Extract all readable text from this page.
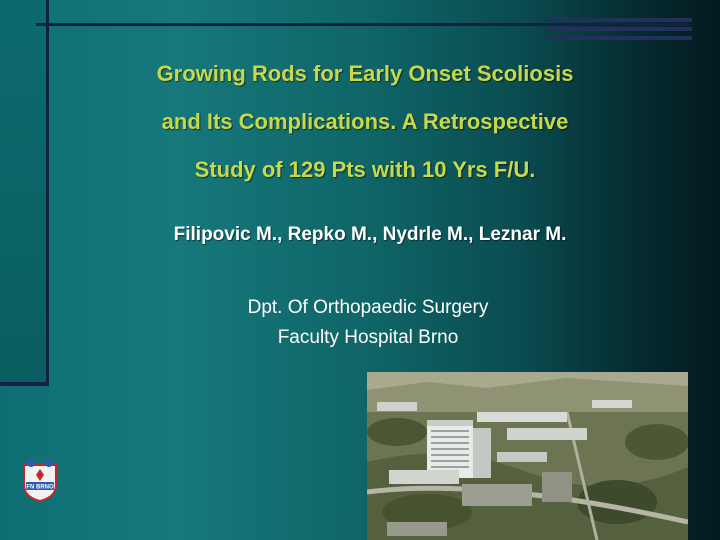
Growing Rods for Early Onset Scoliosis
and Its Complications. A Retrospective
Study of 129 Pts with 10 Yrs F/U.
Filipovic M., Repko M., Nydrle M., Leznar M.
Dpt. Of Orthopaedic Surgery
Faculty Hospital Brno
FN BRNO
